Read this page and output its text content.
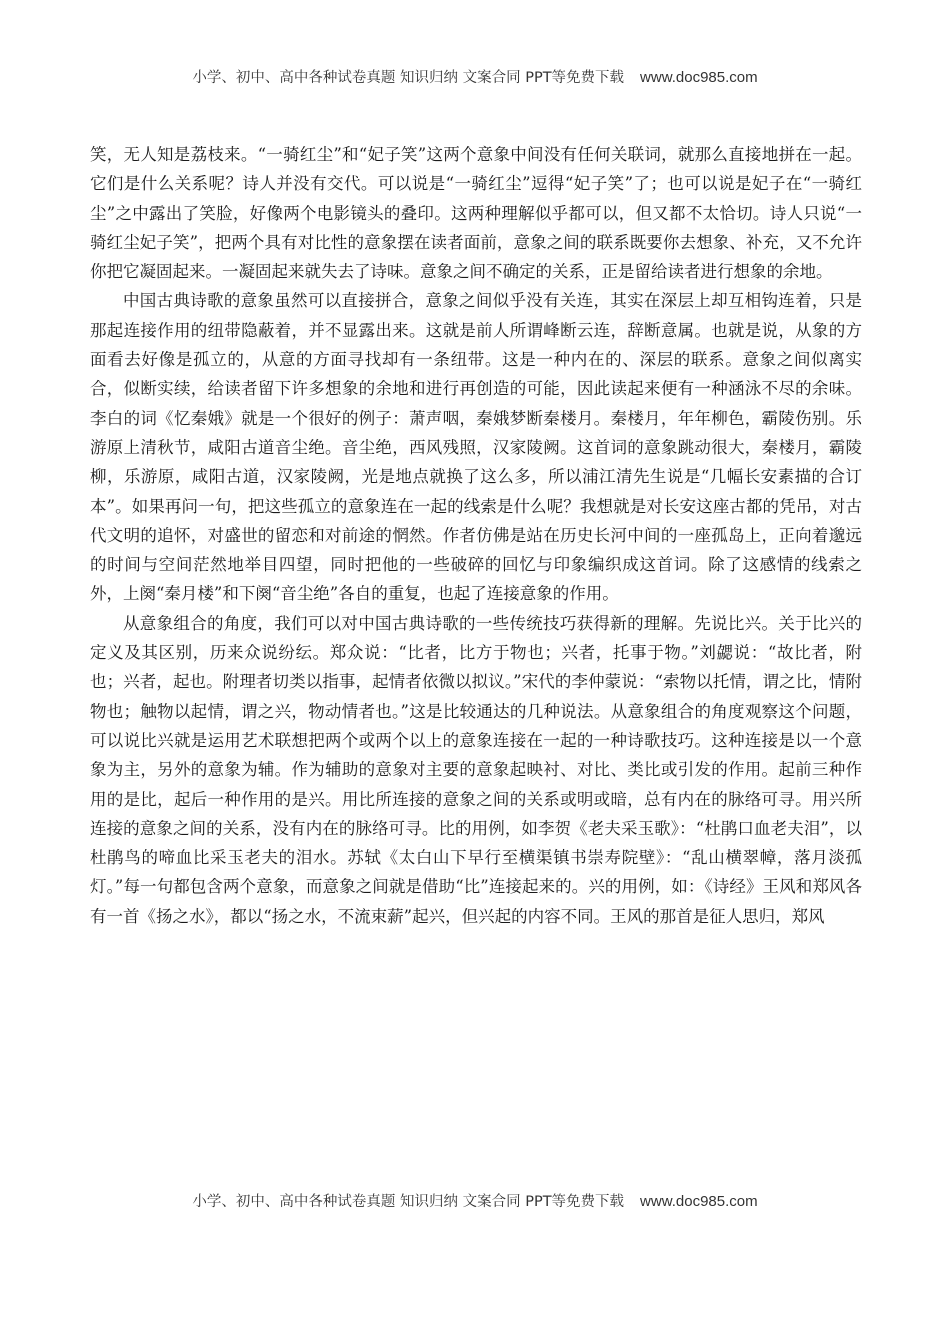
小学、初中、高中各种试卷真题 知识归纳 文案合同 PPT等免费下载 www.doc985.com

笑，无人知是荔枝来。“一骑红尘”和“妃子笑”这两个意象中间没有任何关联词，就那么直接地拼在一起。它们是什么关系呢？诗人并没有交代。可以说是“一骑红尘”逗得“妃子笑”了；也可以说是妃子在“一骑红尘”之中露出了笑脸，好像两个电影镜头的叠印。这两种理解似乎都可以，但又都不太恰切。诗人只说“一骑红尘妃子笑”，把两个具有对比性的意象摆在读者面前，意象之间的联系既要你去想象、补充，又不允许你把它凝固起来。一凝固起来就失去了诗味。意象之间不确定的关系，正是留给读者进行想象的余地。

中国古典诗歌的意象虽然可以直接拼合，意象之间似乎没有关连，其实在深层上却互相钩连着，只是那起连接作用的纽带隐蔽着，并不显露出来。这就是前人所谓峰断云连，辞断意属。也就是说，从象的方面看去好像是孤立的，从意的方面寻找却有一条纽带。这是一种内在的、深层的联系。意象之间似离实合，似断实续，给读者留下许多想象的余地和进行再创造的可能，因此读起来便有一种涵泳不尽的余味。李白的词《忆秦娥》就是一个很好的例子：萧声咽，秦娥梦断秦楼月。秦楼月，年年柳色，霸陵伤别。乐游原上清秋节，咸阳古道音尘绝。音尘绝，西风残照，汉家陵阙。这首词的意象跳动很大，秦楼月，霸陵柳，乐游原，咸阳古道，汉家陵阙，光是地点就换了这么多，所以浦江清先生说是“几幅长安素描的合订本”。如果再问一句，把这些孤立的意象连在一起的线索是什么呢？我想就是对长安这座古都的凭吊，对古代文明的追怀，对盛世的留恋和对前途的惘然。作者仿佛是站在历史长河中间的一座孤岛上，正向着邈远的时间与空间茫然地举目四望，同时把他的一些破碎的回忆与印象编织成这首词。除了这感情的线索之外，上阕“秦月楼”和下阕“音尘绝”各自的重复，也起了连接意象的作用。

从意象组合的角度，我们可以对中国古典诗歌的一些传统技巧获得新的理解。先说比兴。关于比兴的定义及其区别，历来众说纷纭。郑众说：“比者，比方于物也；兴者，托事于物。”刘勰说：“故比者，附也；兴者，起也。附理者切类以指事，起情者依微以拟议。”宋代的李仲蒙说：“索物以托情，谓之比，情附物也；触物以起情，谓之兴，物动情者也。”这是比较通达的几种说法。从意象组合的角度观察这个问题，可以说比兴就是运用艺术联想把两个或两个以上的意象连接在一起的一种诗歌技巧。这种连接是以一个意象为主，另外的意象为辅。作为辅助的意象对主要的意象起映衬、对比、类比或引发的作用。起前三种作用的是比，起后一种作用的是兴。用比所连接的意象之间的关系或明或暗，总有内在的脉络可寻。用兴所连接的意象之间的关系，没有内在的脉络可寻。比的用例，如李贺《老夫采玉歌》：“杜鹃口血老夫泪”，以杜鹃鸟的啼血比采玉老夫的泪水。苏轼《太白山下早行至横渠镇书崇寿院壁》：“乱山横翠幛，落月淡孤灯。”每一句都包含两个意象，而意象之间就是借助“比”连接起来的。兴的用例，如：《诗经》王风和郑风各有一首《扬之水》，都以“扬之水，不流束薪”起兴，但兴起的内容不同。王风的那首是征人思归，郑风

小学、初中、高中各种试卷真题 知识归纳 文案合同 PPT等免费下载 www.doc985.com
